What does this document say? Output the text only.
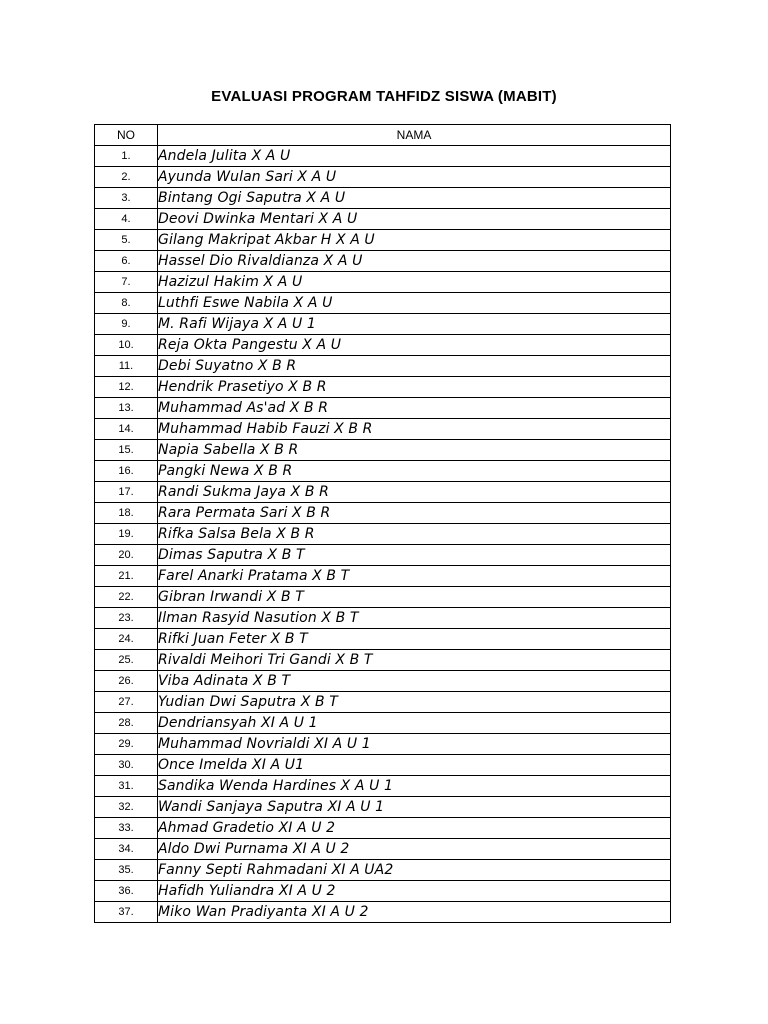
EVALUASI PROGRAM TAHFIDZ SISWA (MABIT)
NO	NAMA
1.	Andela Julita X A U
2.	Ayunda Wulan Sari X A U
3.	Bintang Ogi Saputra X A U
4.	Deovi Dwinka Mentari X A U
5.	Gilang Makripat Akbar H X A U
6.	Hassel Dio Rivaldianza X A U
7.	Hazizul Hakim X A U
8.	Luthfi Eswe Nabila X A U
9.	M. Rafi Wijaya X A U 1
10.	Reja Okta Pangestu X A U
11.	Debi Suyatno X B R
12.	Hendrik Prasetiyo X B R
13.	Muhammad As'ad X B R
14.	Muhammad Habib Fauzi X B R
15.	Napia Sabella X B R
16.	Pangki Newa X B R
17.	Randi Sukma Jaya X B R
18.	Rara Permata Sari X B R
19.	Rifka Salsa Bela X B R
20.	Dimas Saputra X B T
21.	Farel Anarki Pratama X B T
22.	Gibran Irwandi X B T
23.	Ilman Rasyid Nasution X B T
24.	Rifki Juan Feter X B T
25.	Rivaldi Meihori Tri Gandi X B T
26.	Viba Adinata X B T
27.	Yudian Dwi Saputra X B T
28.	Dendriansyah XI A U 1
29.	Muhammad Novrialdi XI A U 1
30.	Once Imelda XI A U1
31.	Sandika Wenda Hardines X A U 1
32.	Wandi Sanjaya Saputra XI A U 1
33.	Ahmad Gradetio XI A U 2
34.	Aldo Dwi Purnama XI A U 2
35.	Fanny Septi Rahmadani XI A UA2
36.	Hafidh Yuliandra XI A U 2
37.	Miko Wan Pradiyanta XI A U 2
